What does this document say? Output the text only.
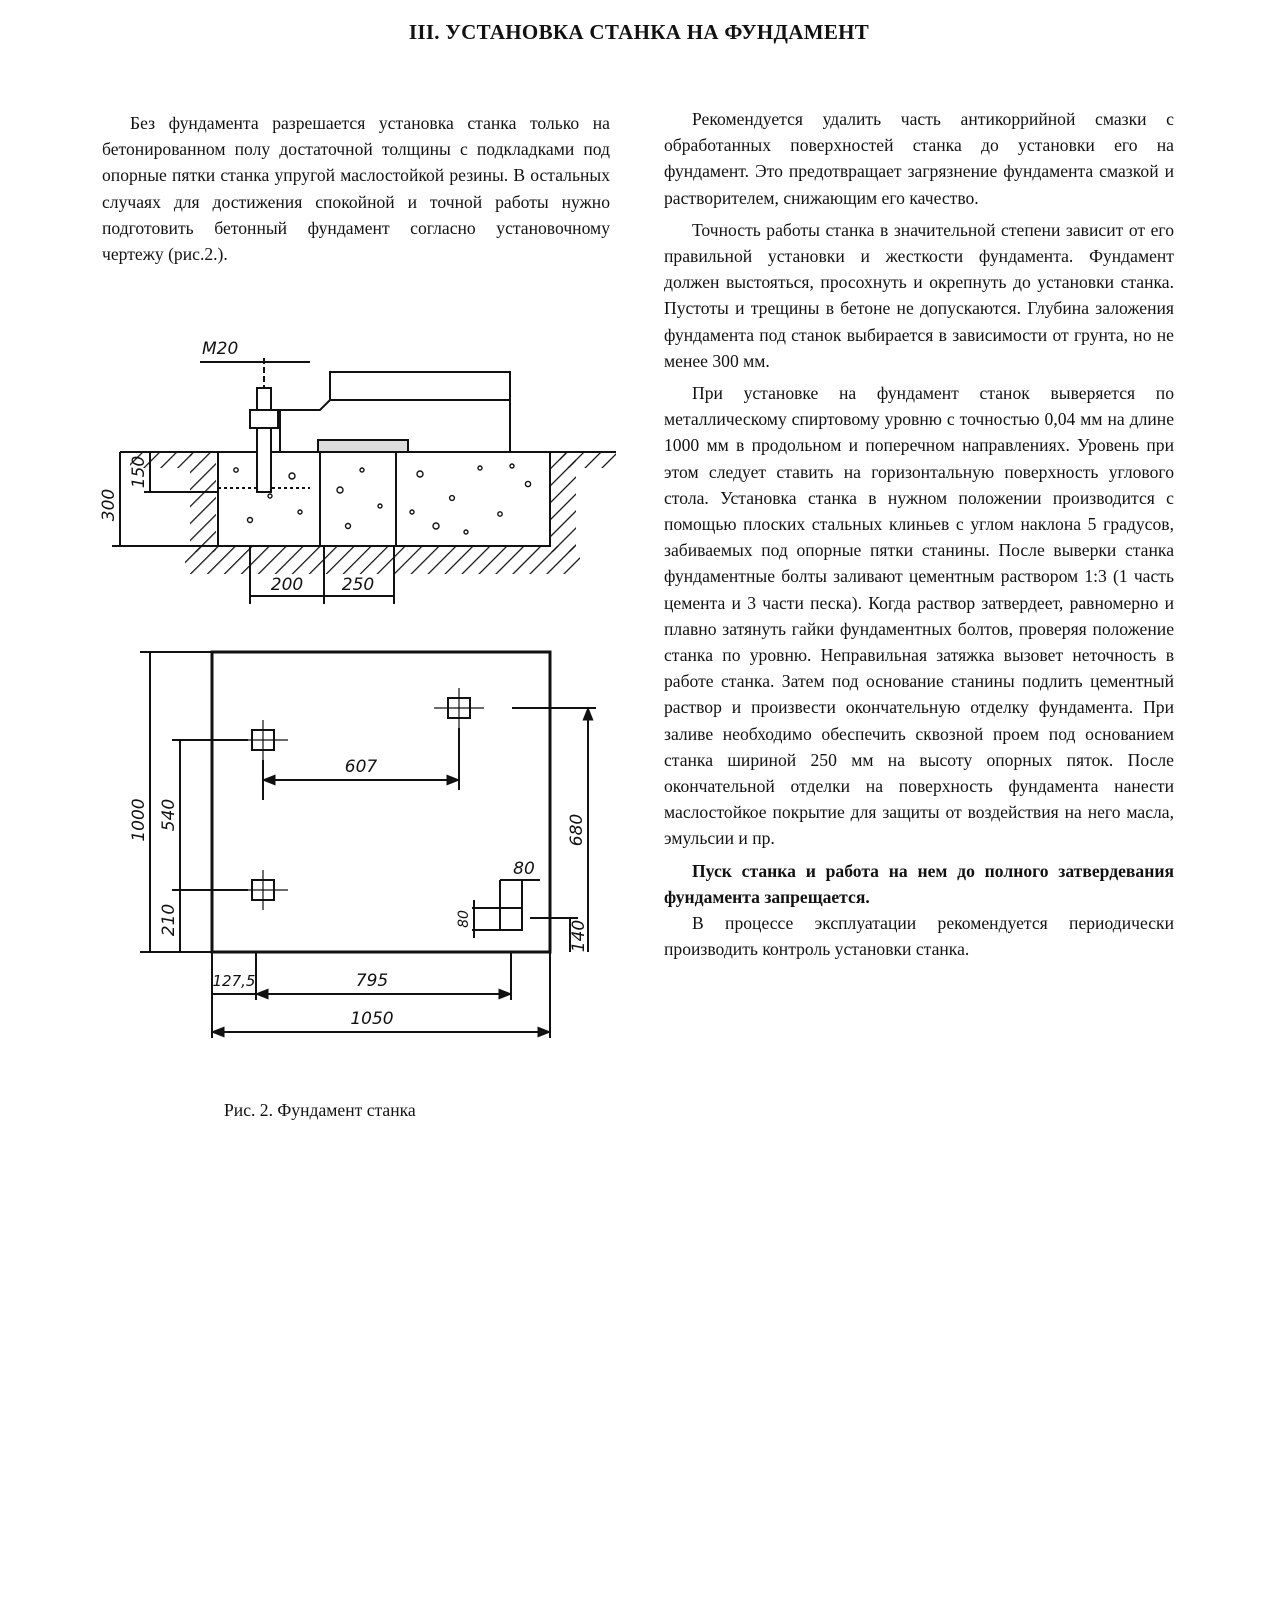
III. УСТАНОВКА СТАНКА НА ФУНДАМЕНТ

Без фундамента разрешается установка станка только на бетонированном полу достаточной толщины с подкладками под опорные пятки станка упругой маслостойкой резины. В остальных случаях для достижения спокойной и точной работы нужно подготовить бетонный фундамент согласно установочному чертежу (рис.2.).

Рекомендуется удалить часть антикоррийной смазки с обработанных поверхностей станка до установки его на фундамент. Это предотвращает загрязнение фундамента смазкой и растворителем, снижающим его качество.

Точность работы станка в значительной степени зависит от его правильной установки и жесткости фундамента. Фундамент должен выстояться, просохнуть и окрепнуть до установки станка. Пустоты и трещины в бетоне не допускаются. Глубина заложения фундамента под станок выбирается в зависимости от грунта, но не менее 300 мм.

При установке на фундамент станок выверяется по металлическому спиртовому уровню с точностью 0,04 мм на длине 1000 мм в продольном и поперечном направлениях. Уровень при этом следует ставить на горизонтальную поверхность углового стола. Установка станка в нужном положении производится с помощью плоских стальных клиньев с углом наклона 5 градусов, забиваемых под опорные пятки станины. После выверки станка фундаментные болты заливают цементным раствором 1:3 (1 часть цемента и 3 части песка). Когда раствор затвердеет, равномерно и плавно затянуть гайки фундаментных болтов, проверяя положение станка по уровню. Неправильная затяжка вызовет неточность в работе станка. Затем под основание станины подлить цементный раствор и произвести окончательную отделку фундамента. При заливе необходимо обеспечить сквозной проем под основанием станка шириной 250 мм на высоту опорных пяток. После окончательной отделки на поверхность фундамента нанести маслостойкое покрытие для защиты от воздействия на него масла, эмульсии и пр.

Пуск станка и работа на нем до полного затвердевания фундамента запрещается.

В процессе эксплуатации рекомендуется периодически производить контроль установки станка.

М20
300
150
200 250
1000 540
210
680
140
607
80
80
127,5	795
1050
Рис. 2. Фундамент станка
